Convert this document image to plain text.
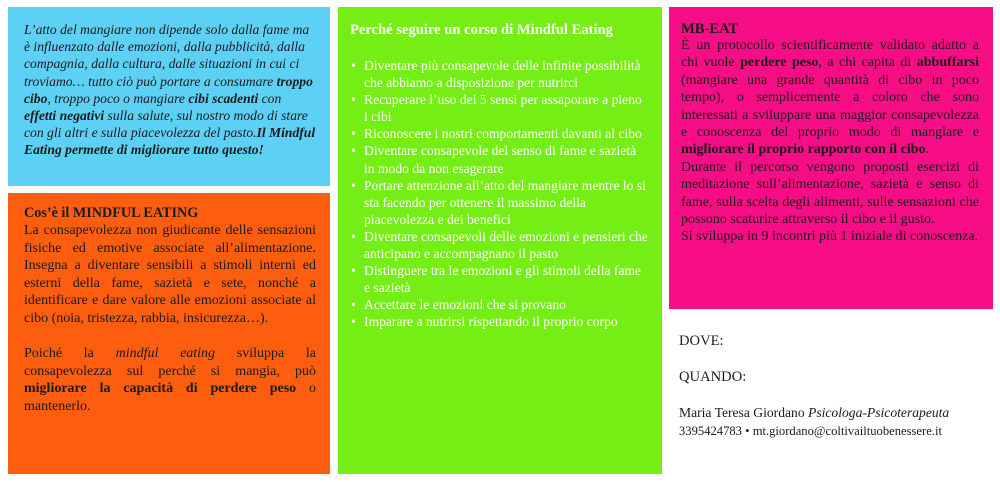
L’atto del mangiare non dipende solo dalla fame ma è influenzato dalle emozioni, dalla pubblicità, dalla compagnia, dalla cultura, dalle situazioni in cui ci troviamo… tutto ciò può portare a consumare troppo cibo, troppo poco o mangiare cibi scadenti con effetti negativi sulla salute, sul nostro modo di stare con gli altri e sulla piacevolezza del pasto.Il Mindful Eating permette di migliorare tutto questo!

Cos’è il MINDFUL EATING

La consapevolezza non giudicante delle sensazioni fisiche ed emotive associate all’alimentazione. Insegna a diventare sensibili a stimoli interni ed esterni della fame, sazietà e sete, nonché a identificare e dare valore alle emozioni associate al cibo (noia, tristezza, rabbia, insicurezza…).

Poiché la mindful eating sviluppa la consapevolezza sul perché si mangia, può migliorare la capacità di perdere peso o mantenerlo.

Perché seguire un corso di Mindful Eating
• Diventare più consapevole delle infinite possibilità che abbiamo a disposizione per nutrirci
• Recuperare l’uso dei 5 sensi per assaporare a pieno i cibi
• Riconoscere i nostri comportamenti davanti al cibo
• Diventare consapevole del senso di fame e sazietà in modo da non esagerare
• Portare attenzione all’atto del mangiare mentre lo si sta facendo per ottenere il massimo della piacevolezza e dei benefici
• Diventare consapevoli delle emozioni e pensieri che anticipano e accompagnano il pasto
• Distinguere tra le emozioni e gli stimoli della fame e sazietà
• Accettare le emozioni che si provano
• Imparare a nutrirsi rispettando il proprio corpo
MB-EAT

È un protocollo scientificamente validato adatto a chi vuole perdere peso, a chi capita di abbuffarsi (mangiare una grande quantità di cibo in poco tempo), o semplicemente a coloro che sono interessati a sviluppare una maggior consapevolezza e conoscenza del proprio modo di mangiare e migliorare il proprio rapporto con il cibo.

Durante il percorso vengono proposti esercizi di meditazione sull’alimentazione, sazietà e senso di fame, sulla scelta degli alimenti, sulle sensazioni che possono scaturire attraverso il cibo e il gusto.

Si sviluppa in 9 incontri più 1 iniziale di conoscenza.

DOVE:
QUANDO:
Maria Teresa Giordano Psicologa-Psicoterapeuta
3395424783 • mt.giordano@coltivailtuobenessere.it
